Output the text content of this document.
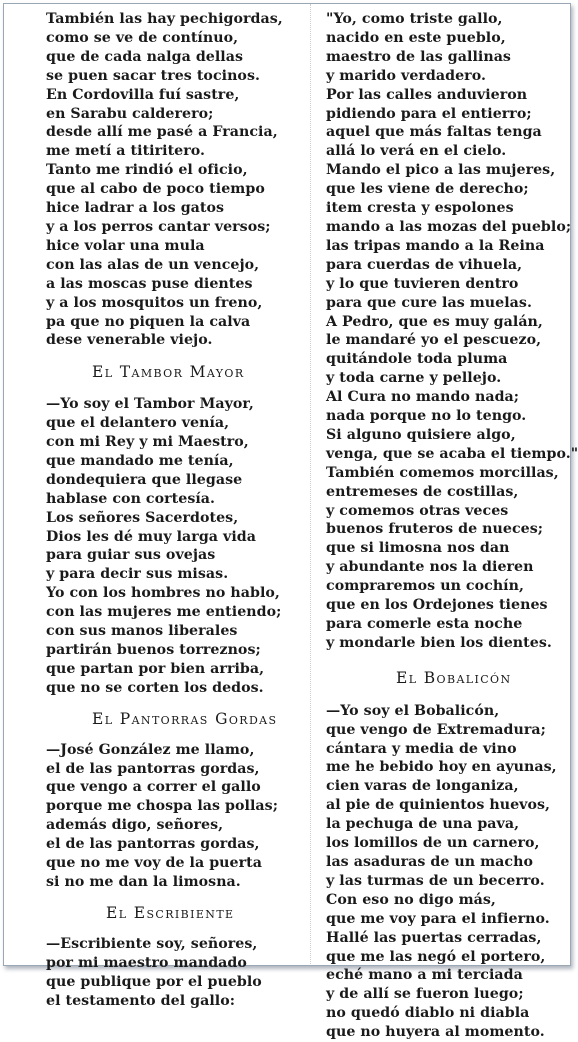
También las hay pechigordas,
como se ve de contínuo,
que de cada nalga dellas
se puen sacar tres tocinos.
En Cordovilla fuí sastre,
en Sarabu calderero;
desde allí me pasé a Francia,
me metí a titiritero.
Tanto me rindió el oficio,
que al cabo de poco tiempo
hice ladrar a los gatos
y a los perros cantar versos;
hice volar una mula
con las alas de un vencejo,
a las moscas puse dientes
y a los mosquitos un freno,
pa que no piquen la calva
dese venerable viejo.
El Tambor Mayor
—Yo soy el Tambor Mayor,
que el delantero venía,
con mi Rey y mi Maestro,
que mandado me tenía,
dondequiera que llegase
hablase con cortesía.
Los señores Sacerdotes,
Dios les dé muy larga vida
para guiar sus ovejas
y para decir sus misas.
Yo con los hombres no hablo,
con las mujeres me entiendo;
con sus manos liberales
partirán buenos torreznos;
que partan por bien arriba,
que no se corten los dedos.
El Pantorras Gordas
—José González me llamo,
el de las pantorras gordas,
que vengo a correr el gallo
porque me chospa las pollas;
además digo, señores,
el de las pantorras gordas,
que no me voy de la puerta
si no me dan la limosna.
El Escribiente
—Escribiente soy, señores,
por mi maestro mandado
que publique por el pueblo
el testamento del gallo:
"Yo, como triste gallo,
nacido en este pueblo,
maestro de las gallinas
y marido verdadero.
Por las calles anduvieron
pidiendo para el entierro;
aquel que más faltas tenga
allá lo verá en el cielo.
Mando el pico a las mujeres,
que les viene de derecho;
item cresta y espolones
mando a las mozas del pueblo;
las tripas mando a la Reina
para cuerdas de vihuela,
y lo que tuvieren dentro
para que cure las muelas.
A Pedro, que es muy galán,
le mandaré yo el pescuezo,
quitándole toda pluma
y toda carne y pellejo.
Al Cura no mando nada;
nada porque no lo tengo.
Si alguno quisiere algo,
venga, que se acaba el tiempo."
También comemos morcillas,
entremeses de costillas,
y comemos otras veces
buenos fruteros de nueces;
que si limosna nos dan
y abundante nos la dieren
compraremos un cochín,
que en los Ordejones tienes
para comerle esta noche
y mondarle bien los dientes.
El Bobalicón
—Yo soy el Bobalicón,
que vengo de Extremadura;
cántara y media de vino
me he bebido hoy en ayunas,
cien varas de longaniza,
al pie de quinientos huevos,
la pechuga de una pava,
los lomillos de un carnero,
las asaduras de un macho
y las turmas de un becerro.
Con eso no digo más,
que me voy para el infierno.
Hallé las puertas cerradas,
que me las negó el portero,
eché mano a mi terciada
y de allí se fueron luego;
no quedó diablo ni diabla
que no huyera al momento.
